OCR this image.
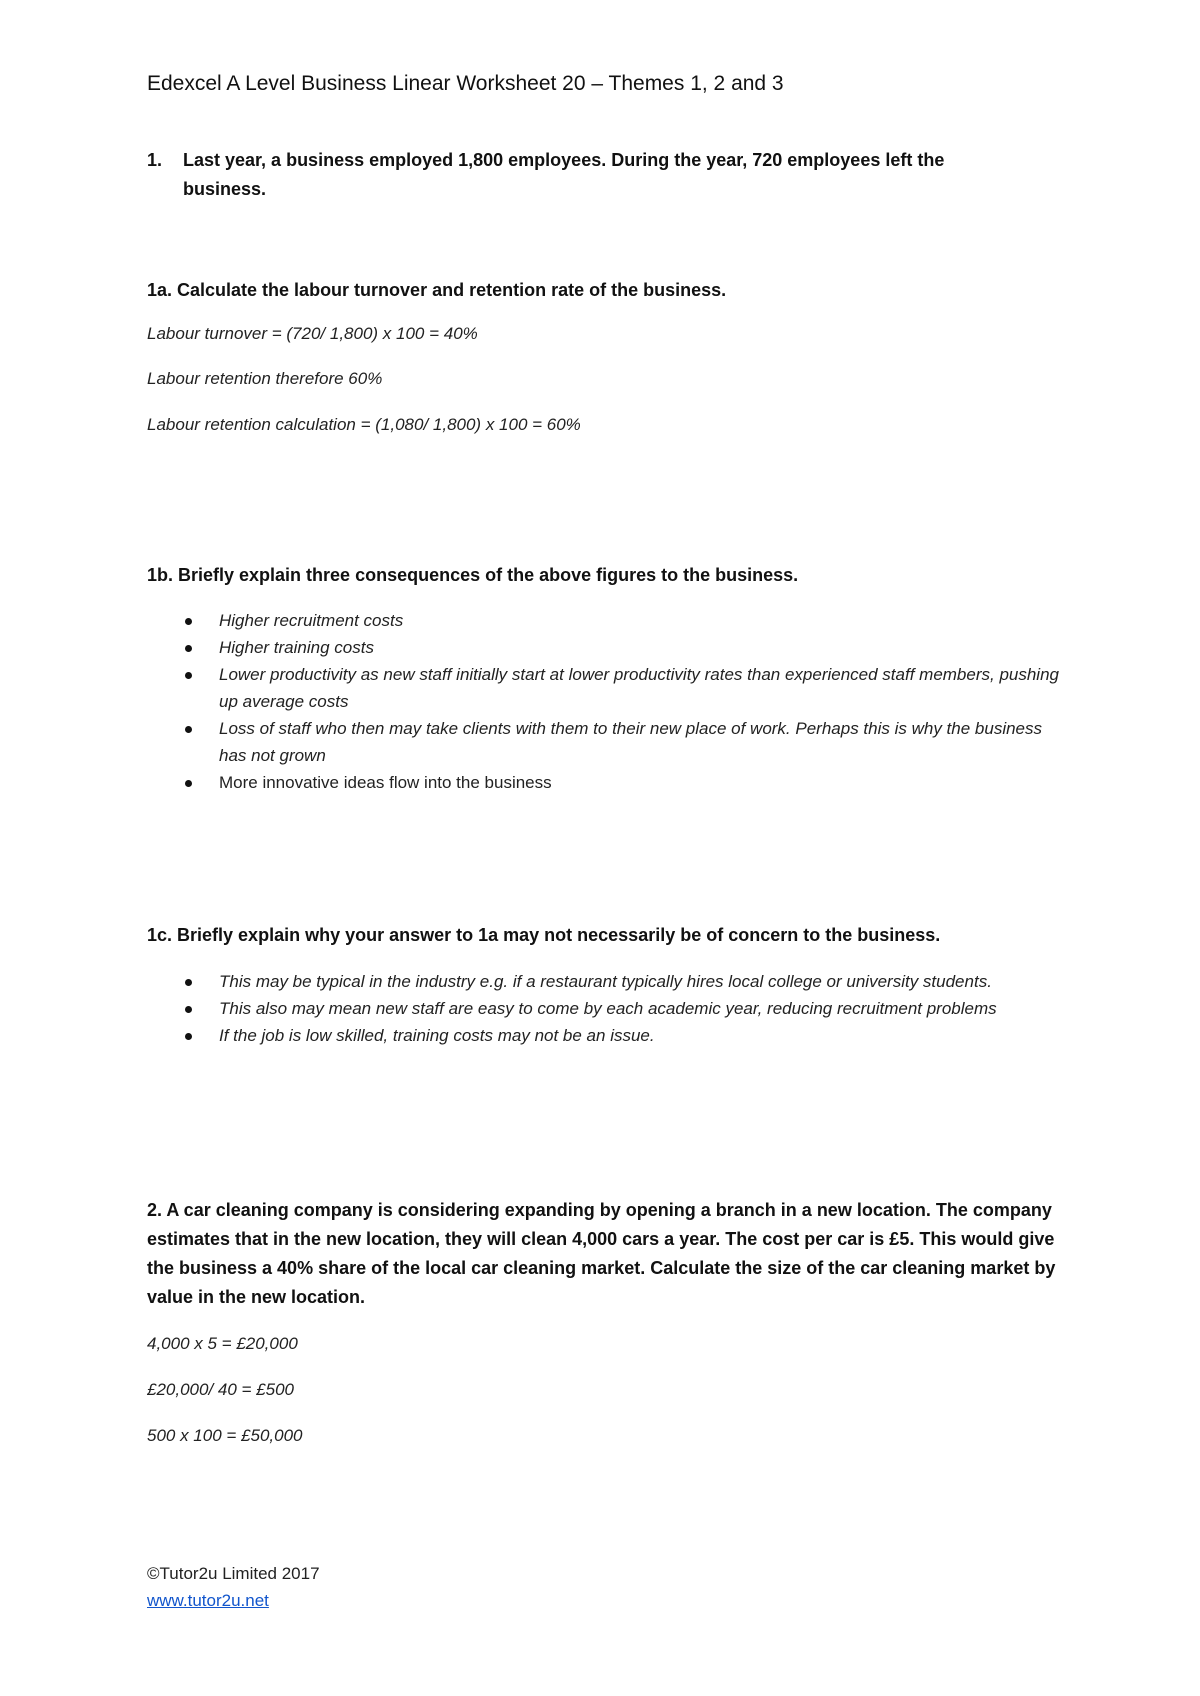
Edexcel A Level Business Linear Worksheet 20 – Themes 1, 2 and 3
1.	Last year, a business employed 1,800 employees. During the year, 720 employees left the business.
1a. Calculate the labour turnover and retention rate of the business.
Labour turnover = (720/ 1,800) x 100 = 40%
Labour retention therefore 60%
Labour retention calculation = (1,080/ 1,800) x 100 = 60%
1b. Briefly explain three consequences of the above figures to the business.
Higher recruitment costs
Higher training costs
Lower productivity as new staff initially start at lower productivity rates than experienced staff members, pushing up average costs
Loss of staff who then may take clients with them to their new place of work. Perhaps this is why the business has not grown
More innovative ideas flow into the business
1c. Briefly explain why your answer to 1a may not necessarily be of concern to the business.
This may be typical in the industry e.g. if a restaurant typically hires local college or university students.
This also may mean new staff are easy to come by each academic year, reducing recruitment problems
If the job is low skilled, training costs may not be an issue.
2. A car cleaning company is considering expanding by opening a branch in a new location. The company estimates that in the new location, they will clean 4,000 cars a year. The cost per car is £5. This would give the business a 40% share of the local car cleaning market. Calculate the size of the car cleaning market by value in the new location.
4,000 x 5 = £20,000
£20,000/ 40 = £500
500 x 100 = £50,000
©Tutor2u Limited 2017
www.tutor2u.net
